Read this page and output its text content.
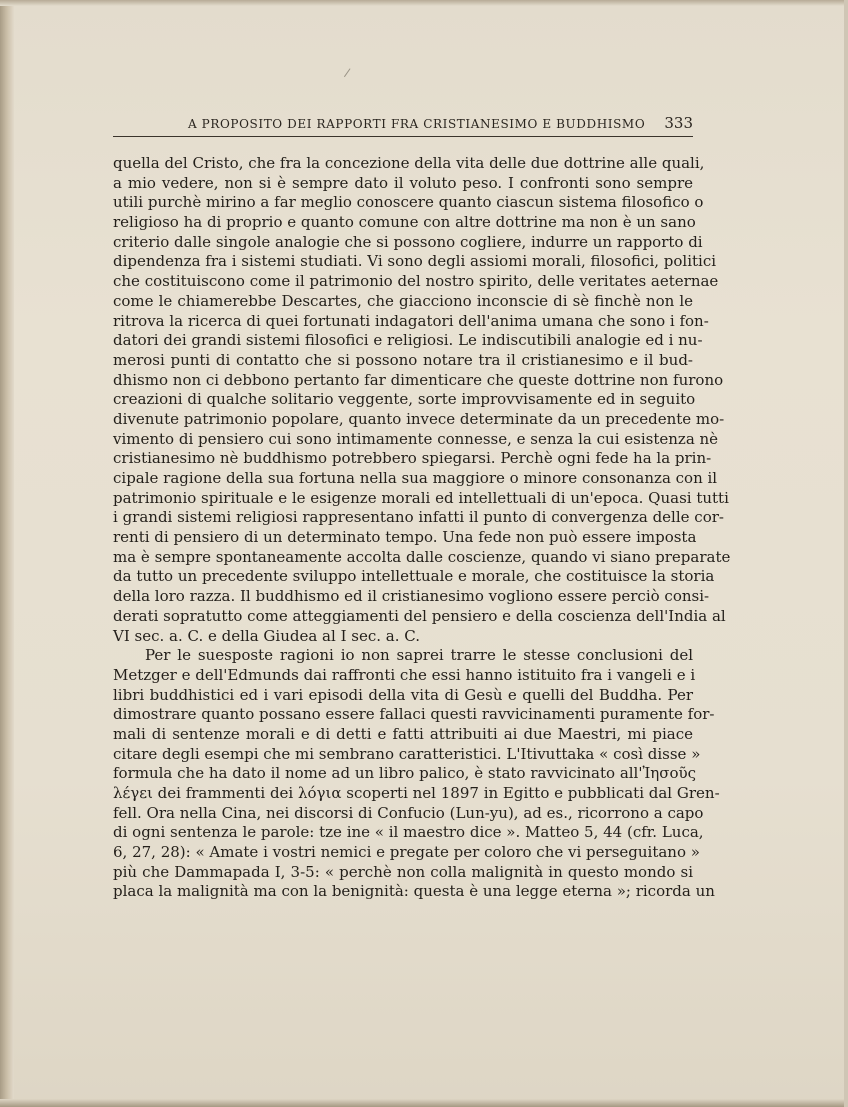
A PROPOSITO DEI RAPPORTI FRA CRISTIANESIMO E BUDDHISMO 333
quella del Cristo, che fra la concezione della vita delle due dottrine alle quali,
a mio vedere, non si è sempre dato il voluto peso. I confronti sono sempre
utili purchè mirino a far meglio conoscere quanto ciascun sistema filosofico o
religioso ha di proprio e quanto comune con altre dottrine ma non è un sano
criterio dalle singole analogie che si possono cogliere, indurre un rapporto di
dipendenza fra i sistemi studiati. Vi sono degli assiomi morali, filosofici, politici
che costituiscono come il patrimonio del nostro spirito, delle veritates aeternae
come le chiamerebbe Descartes, che giacciono inconscie di sè finchè non le
ritrova la ricerca di quei fortunati indagatori dell'anima umana che sono i fon-
datori dei grandi sistemi filosofici e religiosi. Le indiscutibili analogie ed i nu-
merosi punti di contatto che si possono notare tra il cristianesimo e il bud-
dhismo non ci debbono pertanto far dimenticare che queste dottrine non furono
creazioni di qualche solitario veggente, sorte improvvisamente ed in seguito
divenute patrimonio popolare, quanto invece determinate da un precedente mo-
vimento di pensiero cui sono intimamente connesse, e senza la cui esistenza nè
cristianesimo nè buddhismo potrebbero spiegarsi. Perchè ogni fede ha la prin-
cipale ragione della sua fortuna nella sua maggiore o minore consonanza con il
patrimonio spirituale e le esigenze morali ed intellettuali di un'epoca. Quasi tutti
i grandi sistemi religiosi rappresentano infatti il punto di convergenza delle cor-
renti di pensiero di un determinato tempo. Una fede non può essere imposta
ma è sempre spontaneamente accolta dalle coscienze, quando vi siano preparate
da tutto un precedente sviluppo intellettuale e morale, che costituisce la storia
della loro razza. Il buddhismo ed il cristianesimo vogliono essere perciò consi-
derati sopratutto come atteggiamenti del pensiero e della coscienza dell'India al
VI sec. a. C. e della Giudea al I sec. a. C.
Per le suesposte ragioni io non saprei trarre le stesse conclusioni del
Metzger e dell'Edmunds dai raffronti che essi hanno istituito fra i vangeli e i
libri buddhistici ed i vari episodi della vita di Gesù e quelli del Buddha. Per
dimostrare quanto possano essere fallaci questi ravvicinamenti puramente for-
mali di sentenze morali e di detti e fatti attribuiti ai due Maestri, mi piace
citare degli esempi che mi sembrano caratteristici. L'Itivuttaka « così disse »
formula che ha dato il nome ad un libro palico, è stato ravvicinato all'Ἰησοῦς
λέγει dei frammenti dei λόγια scoperti nel 1897 in Egitto e pubblicati dal Gren-
fell. Ora nella Cina, nei discorsi di Confucio (Lun-yu), ad es., ricorrono a capo
di ogni sentenza le parole: tze ine « il maestro dice ». Matteo 5, 44 (cfr. Luca,
6, 27, 28): « Amate i vostri nemici e pregate per coloro che vi perseguitano »
più che Dammapada I, 3-5: « perchè non colla malignità in questo mondo si
placa la malignità ma con la benignità: questa è una legge eterna »; ricorda un
